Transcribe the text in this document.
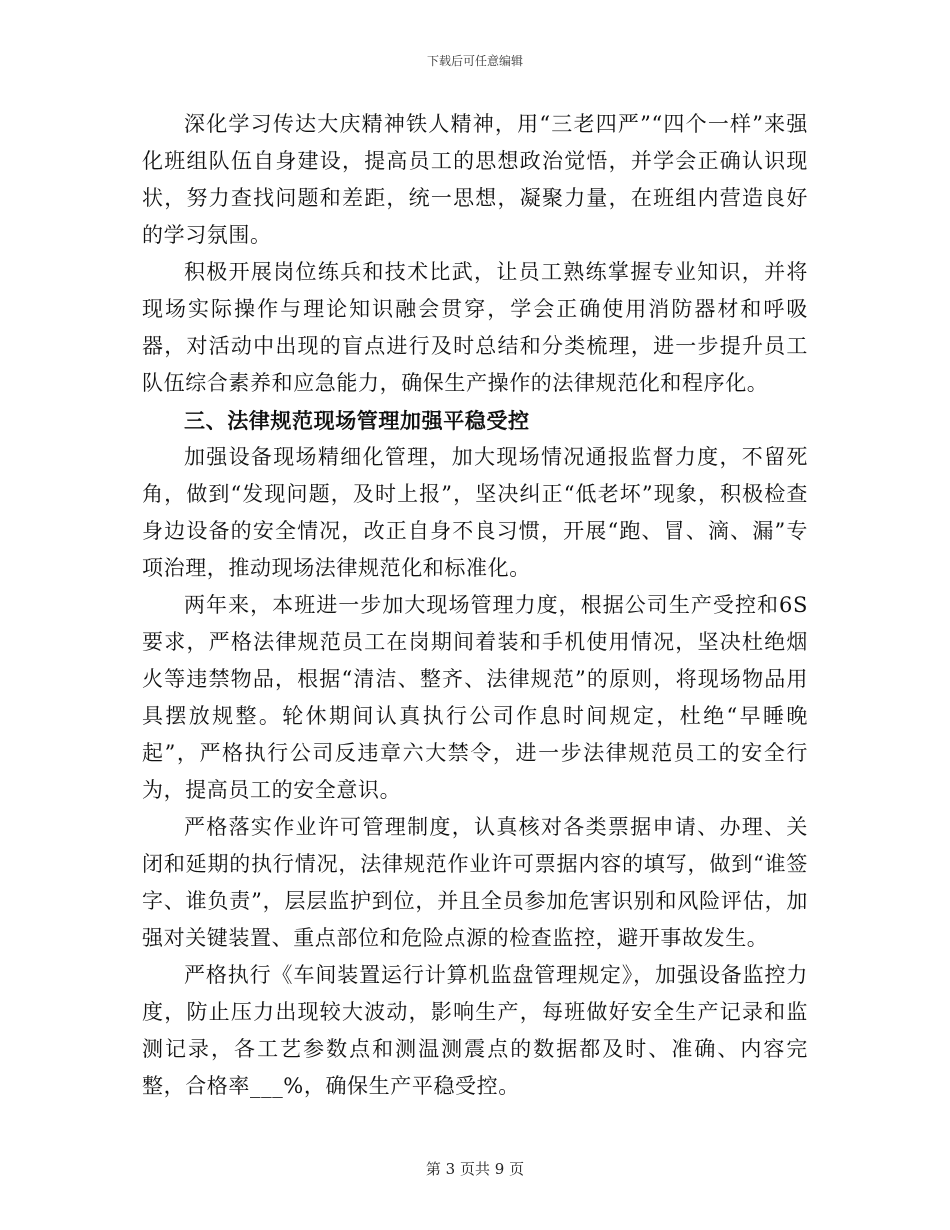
下载后可任意编辑

深化学习传达大庆精神铁人精神，用“三老四严”“四个一样”来强化班组队伍自身建设，提高员工的思想政治觉悟，并学会正确认识现状，努力查找问题和差距，统一思想，凝聚力量，在班组内营造良好的学习氛围。

积极开展岗位练兵和技术比武，让员工熟练掌握专业知识，并将现场实际操作与理论知识融会贯穿，学会正确使用消防器材和呼吸器，对活动中出现的盲点进行及时总结和分类梳理，进一步提升员工队伍综合素养和应急能力，确保生产操作的法律规范化和程序化。

三、法律规范现场管理加强平稳受控

加强设备现场精细化管理，加大现场情况通报监督力度，不留死角，做到“发现问题，及时上报”，坚决纠正“低老坏”现象，积极检查身边设备的安全情况，改正自身不良习惯，开展“跑、冒、滴、漏”专项治理，推动现场法律规范化和标准化。

两年来，本班进一步加大现场管理力度，根据公司生产受控和6S要求，严格法律规范员工在岗期间着装和手机使用情况，坚决杜绝烟火等违禁物品，根据“清洁、整齐、法律规范”的原则，将现场物品用具摆放规整。轮休期间认真执行公司作息时间规定，杜绝“早睡晚起”，严格执行公司反违章六大禁令，进一步法律规范员工的安全行为，提高员工的安全意识。

严格落实作业许可管理制度，认真核对各类票据申请、办理、关闭和延期的执行情况，法律规范作业许可票据内容的填写，做到“谁签字、谁负责”，层层监护到位，并且全员参加危害识别和风险评估，加强对关键装置、重点部位和危险点源的检查监控，避开事故发生。

严格执行《车间装置运行计算机监盘管理规定》，加强设备监控力度，防止压力出现较大波动，影响生产，每班做好安全生产记录和监测记录，各工艺参数点和测温测震点的数据都及时、准确、内容完整，合格率___%，确保生产平稳受控。

第 3 页共 9 页
